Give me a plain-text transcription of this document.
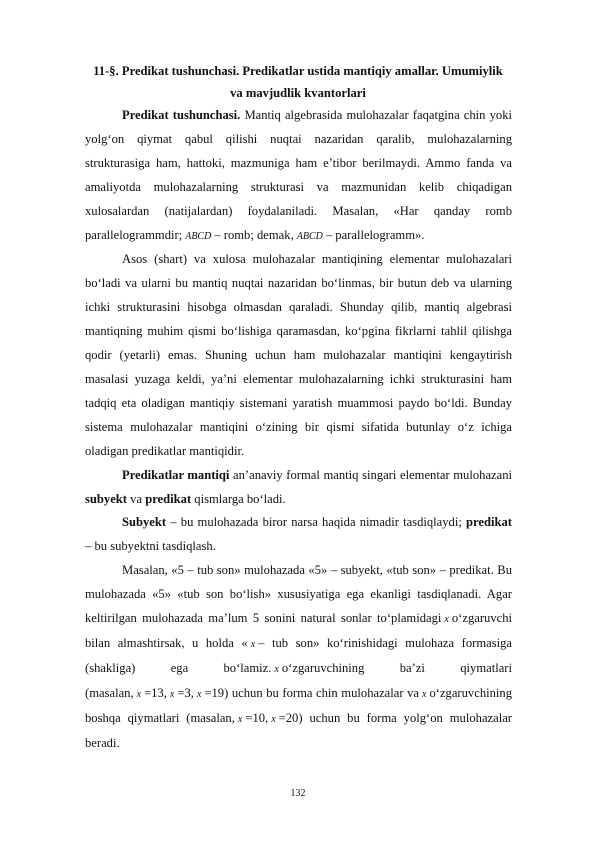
11-§. Predikat tushunchasi. Predikatlar ustida mantiqiy amallar. Umumiylik
va mavjudlik kvantorlari

Predikat tushunchasi. Mantiq algebrasida mulohazalar faqatgina chin yoki yolg‘on qiymat qabul qilishi nuqtai nazaridan qaralib, mulohazalarning strukturasiga ham, hattoki, mazmuniga ham e’tibor berilmaydi. Ammo fanda va amaliyotda mulohazalarning strukturasi va mazmunidan kelib chiqadigan xulosalardan (natijalardan) foydalaniladi. Masalan, «Har qanday romb parallelogrammdir; ABCD – romb; demak, ABCD – parallelogramm».

Asos (shart) va xulosa mulohazalar mantiqining elementar mulohazalari bo‘ladi va ularni bu mantiq nuqtai nazaridan bo‘linmas, bir butun deb va ularning ichki strukturasini hisobga olmasdan qaraladi. Shunday qilib, mantiq algebrasi mantiqning muhim qismi bo‘lishiga qaramasdan, ko‘pgina fikrlarni tahlil qilishga qodir (yetarli) emas. Shuning uchun ham mulohazalar mantiqini kengaytirish masalasi yuzaga keldi, ya’ni elementar mulohazalarning ichki strukturasini ham tadqiq eta oladigan mantiqiy sistemani yaratish muammosi paydo bo‘ldi. Bunday sistema mulohazalar mantiqini o‘zining bir qismi sifatida butunlay o‘z ichiga oladigan predikatlar mantiqidir.

Predikatlar mantiqi an’anaviy formal mantiq singari elementar mulohazani subyekt va predikat qismlarga bo‘ladi.

Subyekt – bu mulohazada biror narsa haqida nimadir tasdiqlaydi; predikat – bu subyektni tasdiqlash.

Masalan, «5 – tub son» mulohazada «5» – subyekt, «tub son» – predikat. Bu mulohazada «5» «tub son bo‘lish» xususiyatiga ega ekanligi tasdiqlanadi. Agar keltirilgan mulohazada ma’lum 5 sonini natural sonlar to‘plamidagi x o‘zgaruvchi bilan almashtirsak, u holda « x – tub son» ko‘rinishidagi mulohaza formasiga (shakliga) ega bo‘lamiz. x o‘zgaruvchining ba’zi qiymatlari (masalan, x =13, x =3, x =19) uchun bu forma chin mulohazalar va x o‘zgaruvchining boshqa qiymatlari (masalan, x =10, x =20) uchun bu forma yolg‘on mulohazalar beradi.

132
